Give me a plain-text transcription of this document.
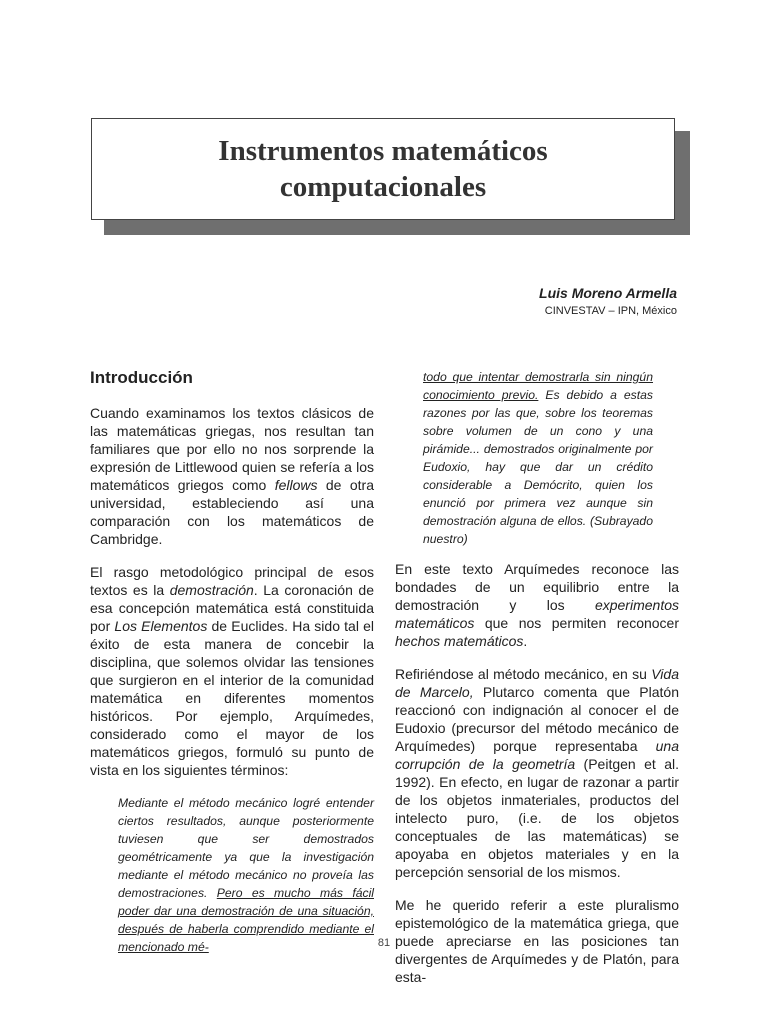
Instrumentos matemáticos
computacionales
Luis Moreno Armella
CINVESTAV – IPN, México
Introducción

Cuando examinamos los textos clásicos de las matemáticas griegas, nos resultan tan familiares que por ello no nos sorprende la expresión de Littlewood quien se refería a los matemáticos griegos como fellows de otra universidad, estableciendo así una comparación con los matemáticos de Cambridge.

El rasgo metodológico principal de esos textos es la demostración. La coronación de esa concepción matemática está constituida por Los Elementos de Euclides. Ha sido tal el éxito de esta manera de concebir la disciplina, que solemos olvidar las tensiones que surgieron en el interior de la comunidad matemática en diferentes momentos históricos. Por ejemplo, Arquímedes, considerado como el mayor de los matemáticos griegos, formuló su punto de vista en los siguientes términos:

Mediante el método mecánico logré entender ciertos resultados, aunque posteriormente tuviesen que ser demostrados geométricamente ya que la investigación mediante el método mecánico no proveía las demostraciones. Pero es mucho más fácil poder dar una demostración de una situación, después de haberla comprendido mediante el mencionado mé-

todo que intentar demostrarla sin ningún conocimiento previo. Es debido a estas razones por las que, sobre los teoremas sobre volumen de un cono y una pirámide... demostrados originalmente por Eudoxio, hay que dar un crédito considerable a Demócrito, quien los enunció por primera vez aunque sin demostración alguna de ellos. (Subrayado nuestro)

En este texto Arquímedes reconoce las bondades de un equilibrio entre la demostración y los experimentos matemáticos que nos permiten reconocer hechos matemáticos.

Refiriéndose al método mecánico, en su Vida de Marcelo, Plutarco comenta que Platón reaccionó con indignación al conocer el de Eudoxio (precursor del método mecánico de Arquímedes) porque representaba una corrupción de la geometría (Peitgen et al. 1992). En efecto, en lugar de razonar a partir de los objetos inmateriales, productos del intelecto puro, (i.e. de los objetos conceptuales de las matemáticas) se apoyaba en objetos materiales y en la percepción sensorial de los mismos.

Me he querido referir a este pluralismo epistemológico de la matemática griega, que puede apreciarse en las posiciones tan divergentes de Arquímedes y de Platón, para esta-

81
